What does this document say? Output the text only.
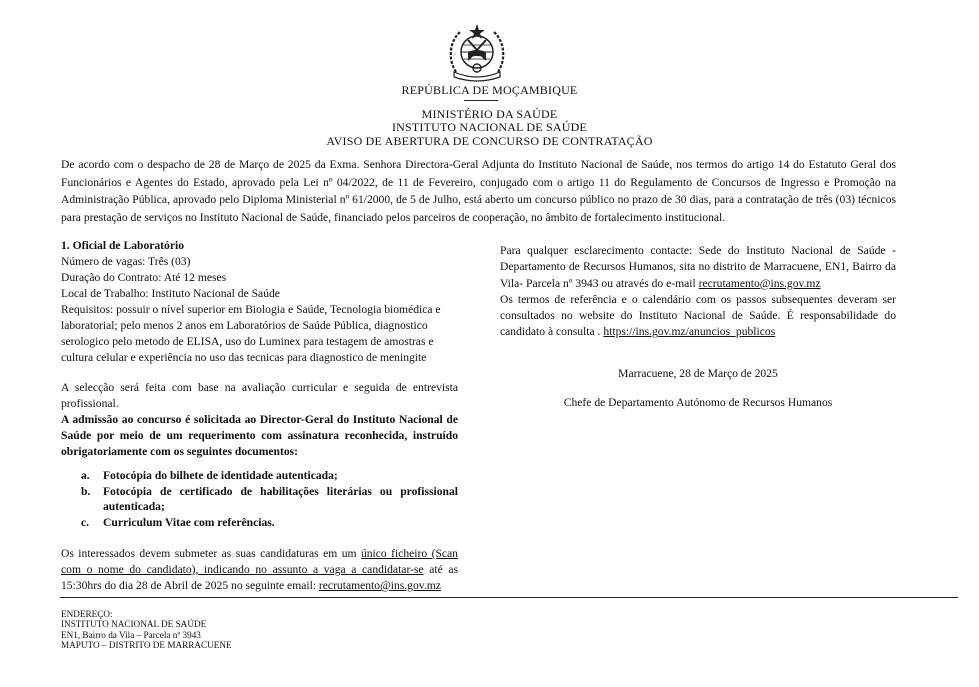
REPÚBLICA DE MOÇAMBIQUE
MINISTÉRIO DA SAÚDE
INSTITUTO NACIONAL DE SAÚDE
AVISO DE ABERTURA DE CONCURSO DE CONTRATAÇÃO
De acordo com o despacho de 28 de Março de 2025 da Exma. Senhora Directora-Geral Adjunta do Instituto Nacional de Saúde, nos termos do artigo 14 do Estatuto Geral dos Funcionários e Agentes do Estado, aprovado pela Lei nº 04/2022, de 11 de Fevereiro, conjugado com o artigo 11 do Regulamento de Concursos de Ingresso e Promoção na Administração Pública, aprovado pelo Diploma Ministerial nº 61/2000, de 5 de Julho, está aberto um concurso público no prazo de 30 dias, para a contratação de três (03) técnicos para prestação de serviços no Instituto Nacional de Saúde, financiado pelos parceiros de cooperação, no âmbito de fortalecimento institucional.

1. Oficial de Laboratório

Número de vagas: Três (03)

Duração do Contrato: Até 12 meses

Local de Trabalho: Instituto Nacional de Saúde

Requisitos: possuir o nível superior em Biologia e Saúde, Tecnologia biomédica e laboratorial; pelo menos 2 anos em Laboratórios de Saúde Pública, diagnostico serologico pelo metodo de ELISA, uso do Luminex para testagem de amostras e cultura celular e experiência no uso das tecnicas para diagnostico de meningite

A selecção será feita com base na avaliação curricular e seguida de entrevista profissional.

A admissão ao concurso é solicitada ao Director-Geral do Instituto Nacional de Saúde por meio de um requerimento com assinatura reconhecida, instruído obrigatoriamente com os seguintes documentos:

a.	Fotocópia do bilhete de identidade autenticada;
b.	Fotocópia de certificado de habilitações literárias ou profissional autenticada;
c.	Curriculum Vitae com referências.

Os interessados devem submeter as suas candidaturas em um único ficheiro (Scan com o nome do candidato), indicando no assunto a vaga a candidatar-se até as 15:30hrs do dia 28 de Abril de 2025 no seguinte email: recrutamento@ins.gov.mz

Para qualquer esclarecimento contacte: Sede do Instituto Nacional de Saúde - Departamento de Recursos Humanos, sita no distrito de Marracuene, EN1, Bairro da Vila- Parcela nº 3943 ou através do e-mail recrutamento@ins.gov.mz

Os termos de referência e o calendário com os passos subsequentes deveram ser consultados no website do Instituto Nacional de Saúde. É responsabilidade do candidato à consulta . https://ins.gov.mz/anuncios_publicos

Marracuene, 28 de Março de 2025
Chefe de Departamento Autónomo de Recursos Humanos
ENDEREÇO:
INSTITUTO NACIONAL DE SAÚDE
EN1, Bairro da Vila – Parcela nº 3943
MAPUTO – DISTRITO DE MARRACUENE
